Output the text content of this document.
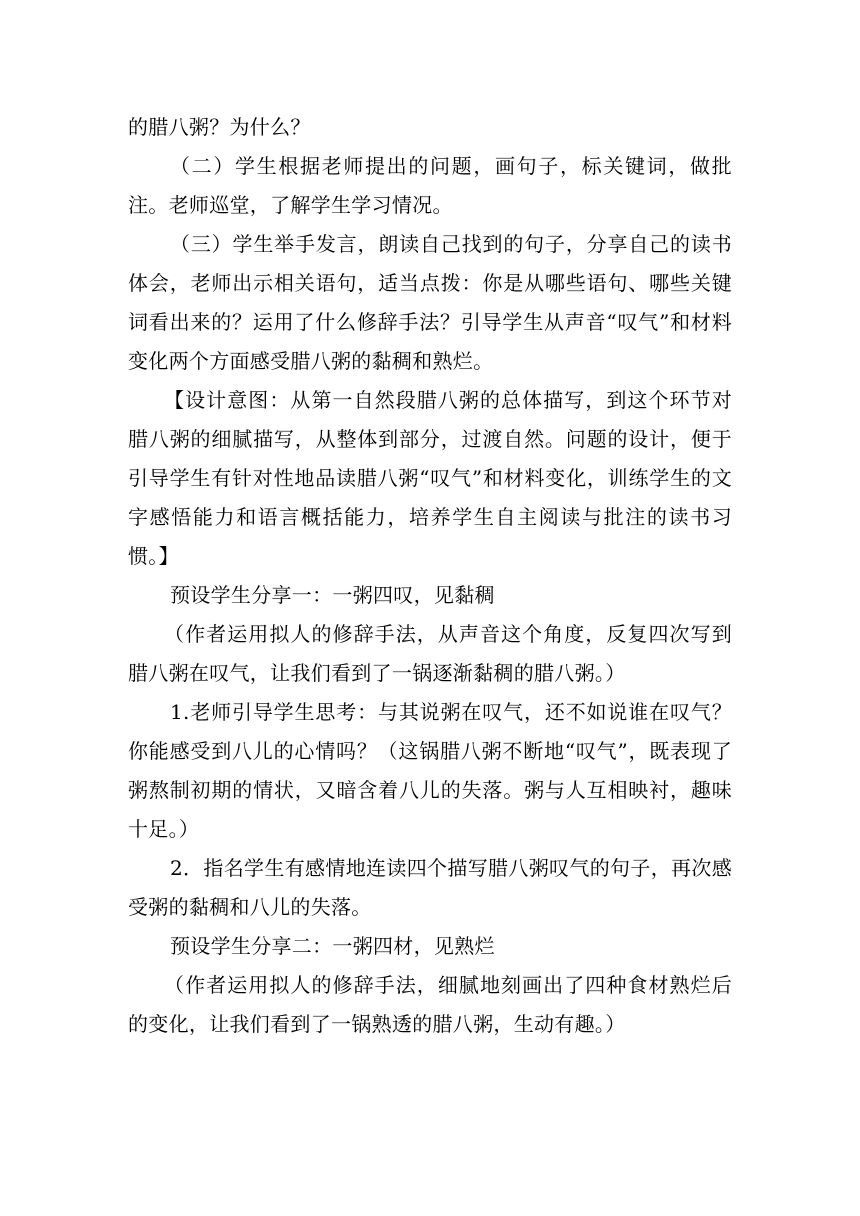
的腊八粥？为什么？

（二）学生根据老师提出的问题，画句子，标关键词，做批注。老师巡堂，了解学生学习情况。

（三）学生举手发言，朗读自己找到的句子，分享自己的读书体会，老师出示相关语句，适当点拨：你是从哪些语句、哪些关键词看出来的？运用了什么修辞手法？引导学生从声音“叹气”和材料变化两个方面感受腊八粥的黏稠和熟烂。

【设计意图：从第一自然段腊八粥的总体描写，到这个环节对腊八粥的细腻描写，从整体到部分，过渡自然。问题的设计，便于引导学生有针对性地品读腊八粥“叹气”和材料变化，训练学生的文字感悟能力和语言概括能力，培养学生自主阅读与批注的读书习惯。】

预设学生分享一：一粥四叹，见黏稠

（作者运用拟人的修辞手法，从声音这个角度，反复四次写到腊八粥在叹气，让我们看到了一锅逐渐黏稠的腊八粥。）

1.老师引导学生思考：与其说粥在叹气，还不如说谁在叹气？你能感受到八儿的心情吗？（这锅腊八粥不断地“叹气”，既表现了粥熬制初期的情状，又暗含着八儿的失落。粥与人互相映衬，趣味十足。）

2．指名学生有感情地连读四个描写腊八粥叹气的句子，再次感受粥的黏稠和八儿的失落。

预设学生分享二：一粥四材，见熟烂

（作者运用拟人的修辞手法，细腻地刻画出了四种食材熟烂后的变化，让我们看到了一锅熟透的腊八粥，生动有趣。）
